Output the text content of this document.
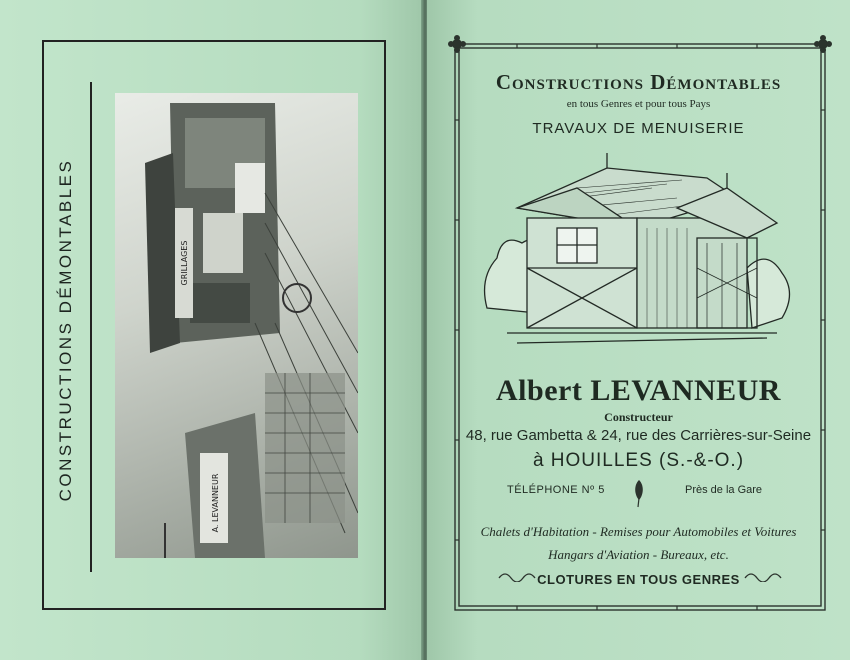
CONSTRUCTIONS DÉMONTABLES	GRILLAGES
A. LEVANNEUR
Constructions Démontables
en tous Genres et pour tous Pays
TRAVAUX DE MENUISERIE
Albert LEVANNEUR
Constructeur
48, rue Gambetta & 24, rue des Carrières-sur-Seine
à HOUILLES (S.-&-O.)
TÉLÉPHONE Nº 5	Près de la Gare
Chalets d'Habitation - Remises pour Automobiles et Voitures
Hangars d'Aviation - Bureaux, etc.
CLOTURES EN TOUS GENRES
